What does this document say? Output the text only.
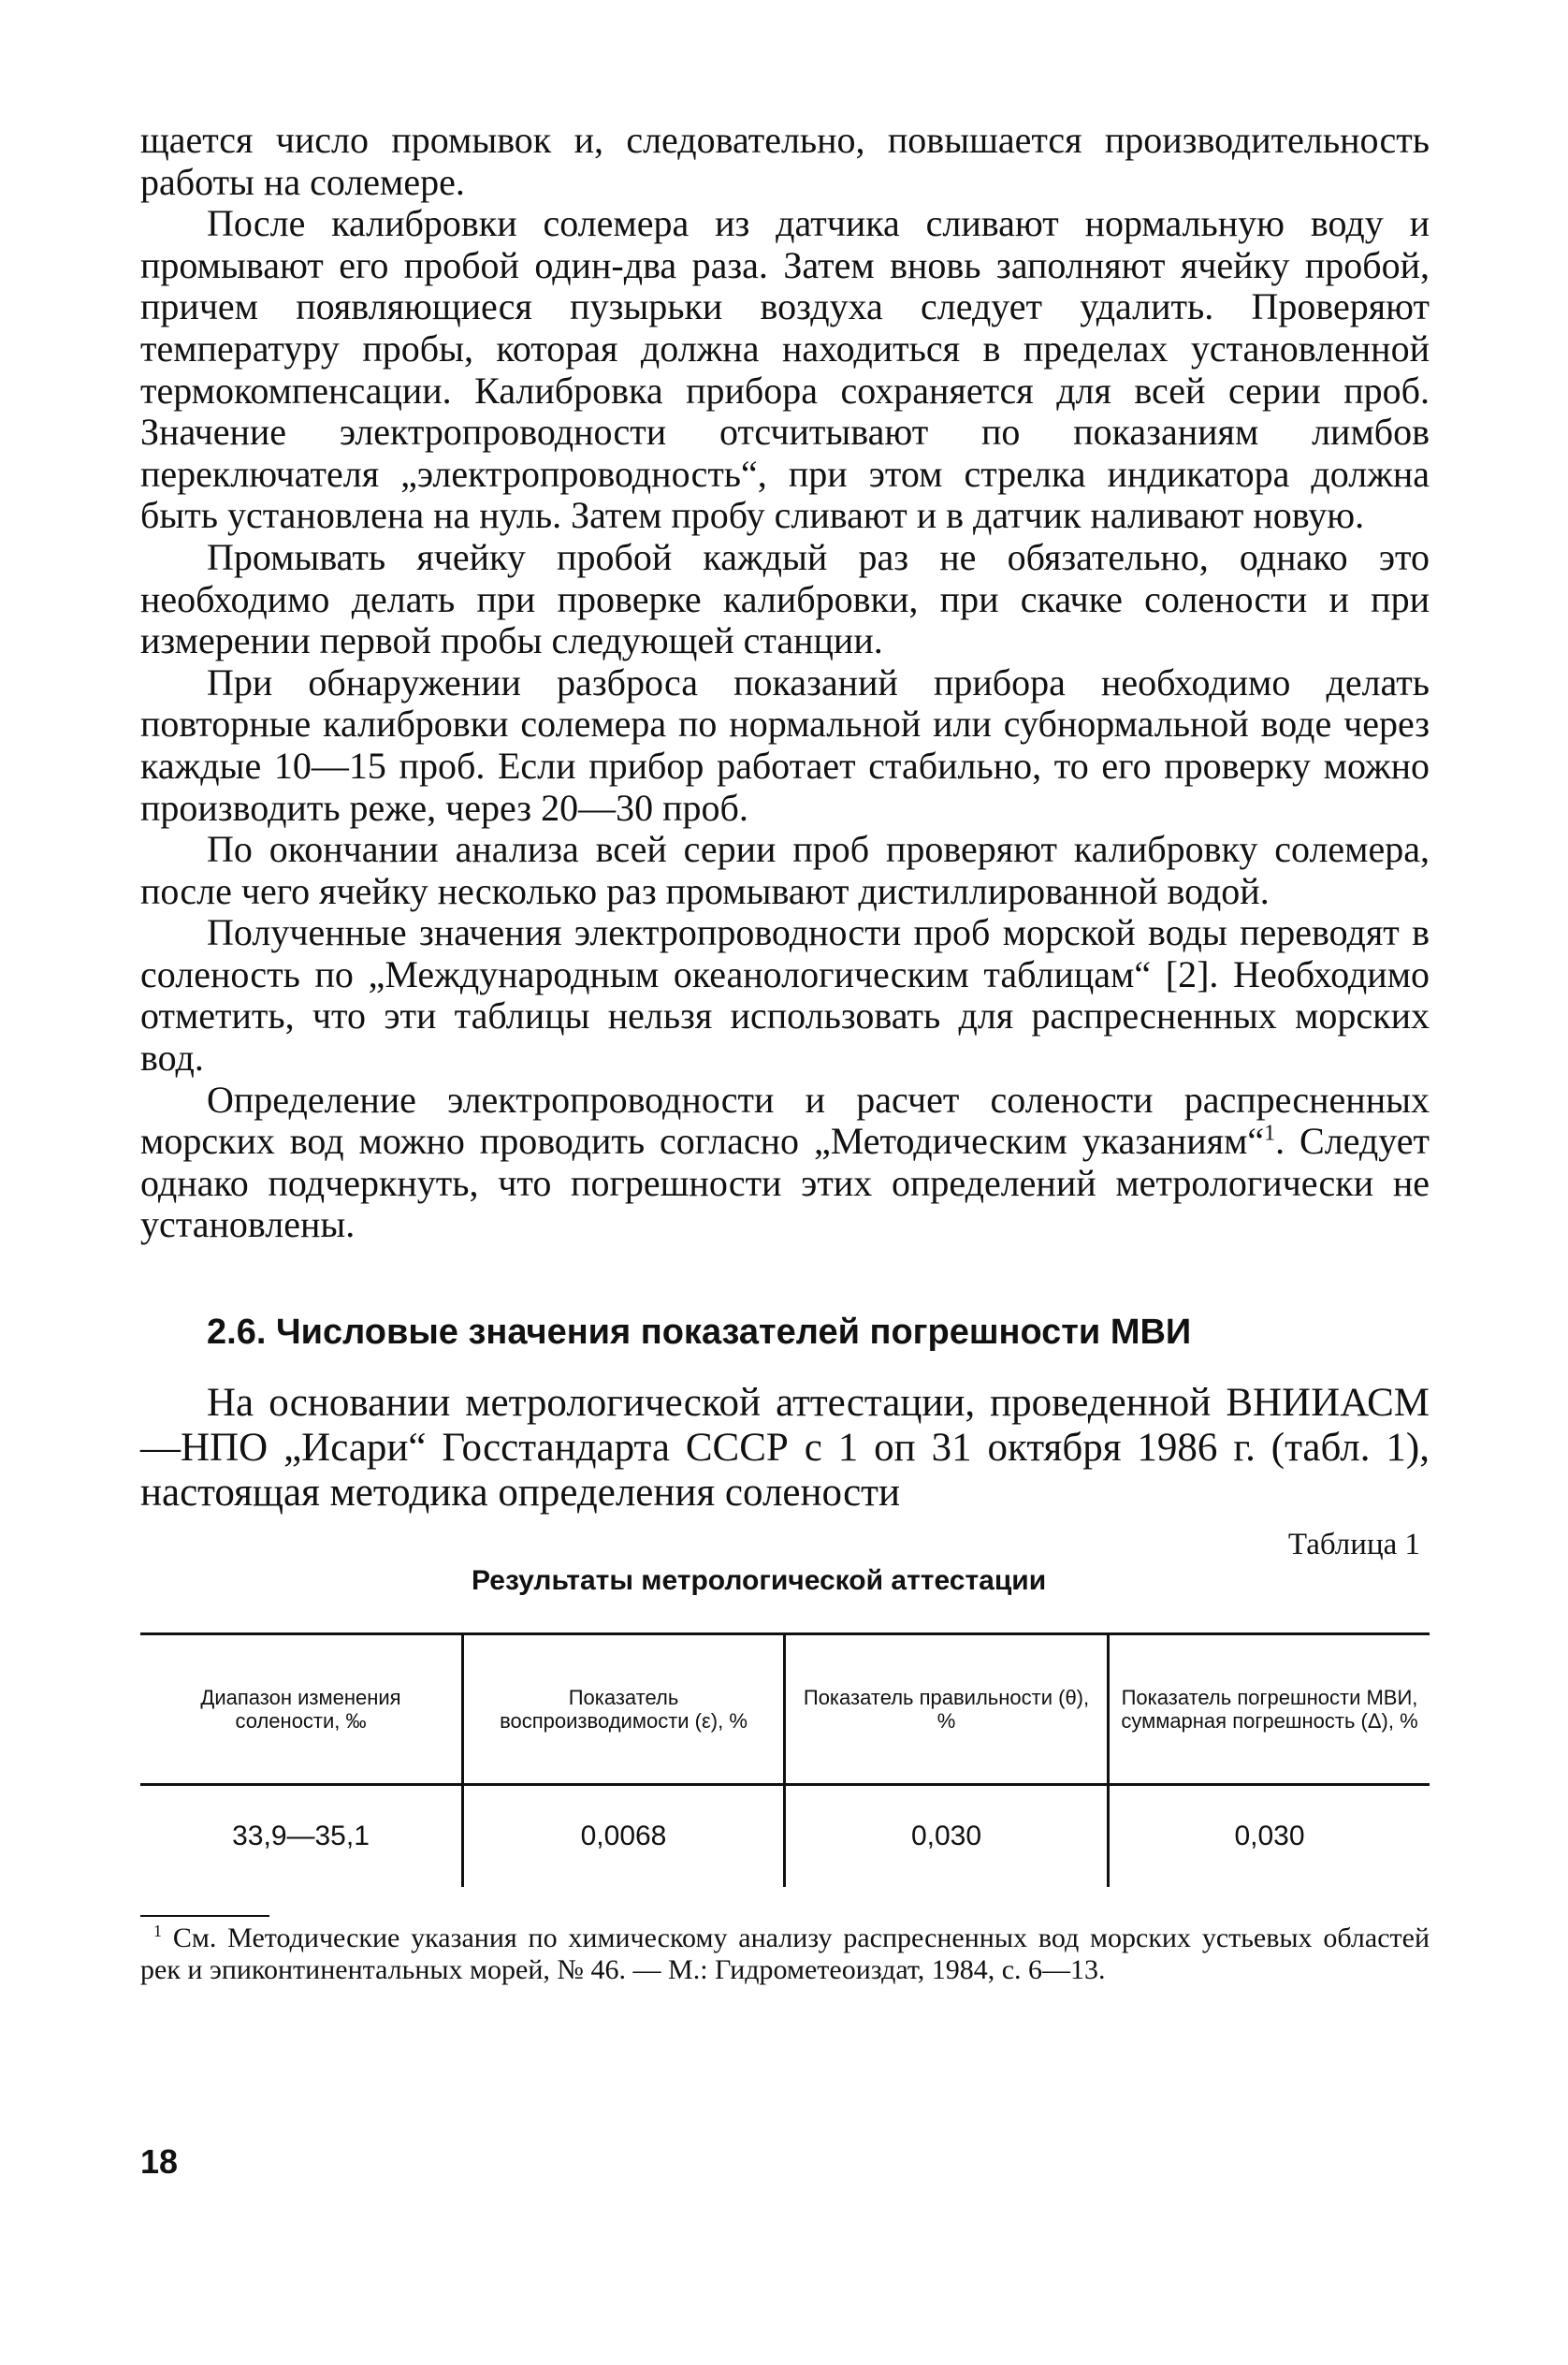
щается число промывок и, следовательно, повышается производительность работы на солемере.

После калибровки солемера из датчика сливают нормальную воду и промывают его пробой один-два раза. Затем вновь заполняют ячейку пробой, причем появляющиеся пузырьки воздуха следует удалить. Проверяют температуру пробы, которая должна находиться в пределах установленной термокомпенсации. Калибровка прибора сохраняется для всей серии проб. Значение электропроводности отсчитывают по показаниям лимбов переключателя „электропроводность“, при этом стрелка индикатора должна быть установлена на нуль. Затем пробу сливают и в датчик наливают новую.

Промывать ячейку пробой каждый раз не обязательно, однако это необходимо делать при проверке калибровки, при скачке солености и при измерении первой пробы следующей станции.

При обнаружении разброса показаний прибора необходимо делать повторные калибровки солемера по нормальной или субнормальной воде через каждые 10—15 проб. Если прибор работает стабильно, то его проверку можно производить реже, через 20—30 проб.

По окончании анализа всей серии проб проверяют калибровку солемера, после чего ячейку несколько раз промывают дистиллированной водой.

Полученные значения электропроводности проб морской воды переводят в соленость по „Международным океанологическим таблицам“ [2]. Необходимо отметить, что эти таблицы нельзя использовать для распресненных морских вод.

Определение электропроводности и расчет солености распресненных морских вод можно проводить согласно „Методическим указаниям“$^1$. Следует однако подчеркнуть, что погрешности этих определений метрологически не установлены.

2.6. Числовые значения показателей погрешности МВИ

На основании метрологической аттестации, проведенной ВНИИАСМ—НПО „Исари“ Госстандарта СССР с 1 оп 31 октября 1986 г. (табл. 1), настоящая методика определения солености

Таблица 1
Результаты метрологической аттестации
Диапазон изменения солености, ‰	Показатель воспроизводимости (ε), %	Показатель правильности (θ), %	Показатель погрешности МВИ, суммарная погрешность (Δ), %
33,9—35,1	0,0068	0,030	0,030

$^1$ См. Методические указания по химическому анализу распресненных вод морских устьевых областей рек и эпиконтинентальных морей, № 46. — М.: Гидрометеоиздат, 1984, с. 6—13.

18
